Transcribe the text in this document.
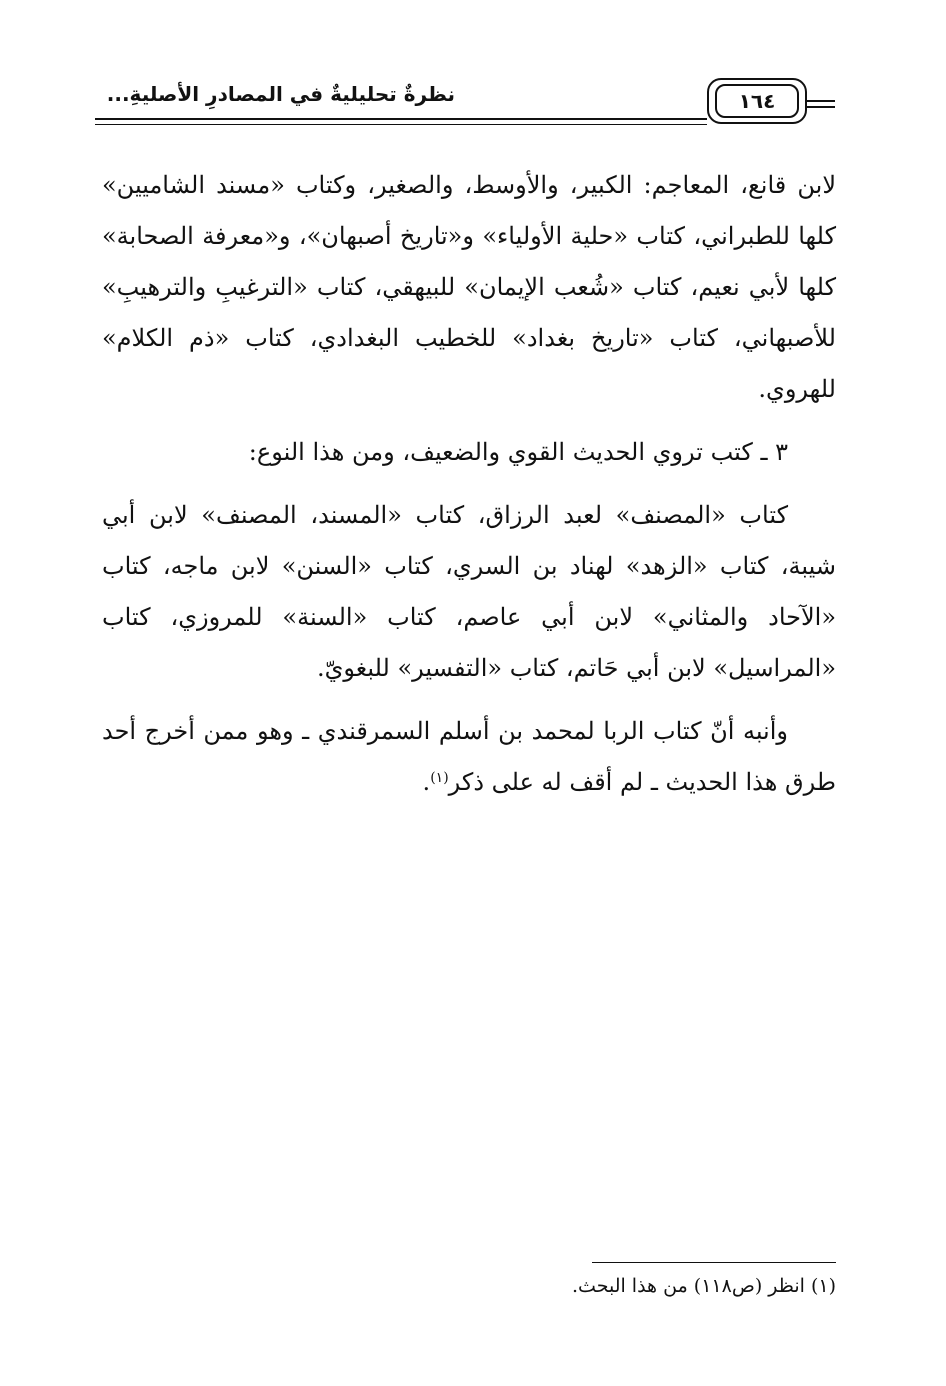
نظرةٌ تحليليةٌ في المصادرِ الأصليةِ...	١٦٤

لابن قانع، المعاجم: الكبير، والأوسط، والصغير، وكتاب «مسند الشاميين» كلها للطبراني، كتاب «حلية الأولياء» و«تاريخ أصبهان»، و«معرفة الصحابة» كلها لأبي نعيم، كتاب «شُعب الإيمان» للبيهقي، كتاب «الترغيبِ والترهيبِ» للأصبهاني، كتاب «تاريخ بغداد» للخطيب البغدادي، كتاب «ذم الكلام» للهروي.

٣ ـ كتب تروي الحديث القوي والضعيف، ومن هذا النوع:

كتاب «المصنف» لعبد الرزاق، كتاب «المسند، المصنف» لابن أبي شيبة، كتاب «الزهد» لهناد بن السري، كتاب «السنن» لابن ماجه، كتاب «الآحاد والمثاني» لابن أبي عاصم، كتاب «السنة» للمروزي، كتاب «المراسيل» لابن أبي حَاتم، كتاب «التفسير» للبغويّ.

وأنبه أنّ كتاب الربا لمحمد بن أسلم السمرقندي ـ وهو ممن أخرج أحد طرق هذا الحديث ـ لم أقف له على ذكر$^{(١)}$.

(١) انظر (ص١١٨) من هذا البحث.
